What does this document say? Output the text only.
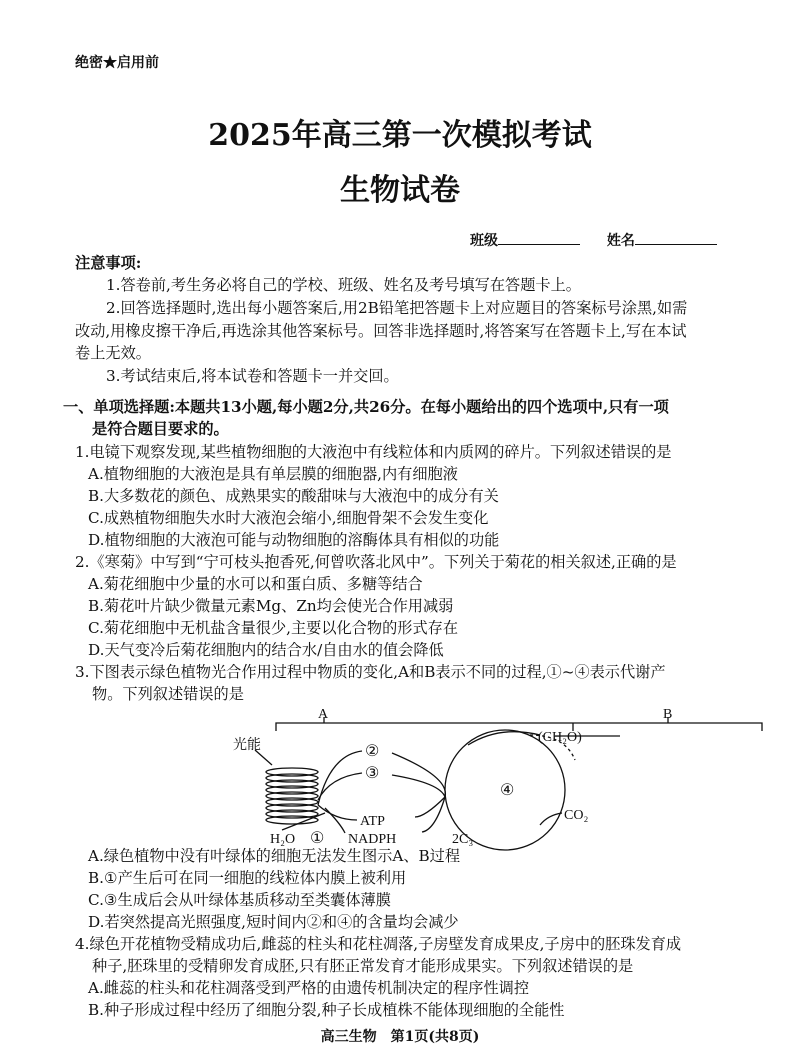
绝密★启用前
2025年高三第一次模拟考试
生物试卷
班级	姓名
注意事项:
1.答卷前,考生务必将自己的学校、班级、姓名及考号填写在答题卡上。
2.回答选择题时,选出每小题答案后,用2B铅笔把答题卡上对应题目的答案标号涂黑,如需
改动,用橡皮擦干净后,再选涂其他答案标号。回答非选择题时,将答案写在答题卡上,写在本试
卷上无效。
3.考试结束后,将本试卷和答题卡一并交回。
一、单项选择题:本题共13小题,每小题2分,共26分。在每小题给出的四个选项中,只有一项
是符合题目要求的。
1.电镜下观察发现,某些植物细胞的大液泡中有线粒体和内质网的碎片。下列叙述错误的是
A.植物细胞的大液泡是具有单层膜的细胞器,内有细胞液
B.大多数花的颜色、成熟果实的酸甜味与大液泡中的成分有关
C.成熟植物细胞失水时大液泡会缩小,细胞骨架不会发生变化
D.植物细胞的大液泡可能与动物细胞的溶酶体具有相似的功能
2.《寒菊》中写到“宁可枝头抱香死,何曾吹落北风中”。下列关于菊花的相关叙述,正确的是
A.菊花细胞中少量的水可以和蛋白质、多糖等结合
B.菊花叶片缺少微量元素Mg、Zn均会使光合作用减弱
C.菊花细胞中无机盐含量很少,主要以化合物的形式存在
D.天气变冷后菊花细胞内的结合水/自由水的值会降低
3.下图表示绿色植物光合作用过程中物质的变化,A和B表示不同的过程,①~④表示代谢产
物。下列叙述错误的是
A	B
光能	②
③
④
①
H₂O
ATP
NADPH
(CH₂O)
CO₂
2C₃
A.绿色植物中没有叶绿体的细胞无法发生图示A、B过程
B.①产生后可在同一细胞的线粒体内膜上被利用
C.③生成后会从叶绿体基质移动至类囊体薄膜
D.若突然提高光照强度,短时间内②和④的含量均会减少
4.绿色开花植物受精成功后,雌蕊的柱头和花柱凋落,子房壁发育成果皮,子房中的胚珠发育成
种子,胚珠里的受精卵发育成胚,只有胚正常发育才能形成果实。下列叙述错误的是
A.雌蕊的柱头和花柱凋落受到严格的由遗传机制决定的程序性调控
B.种子形成过程中经历了细胞分裂,种子长成植株不能体现细胞的全能性
高三生物　第1页(共8页)
